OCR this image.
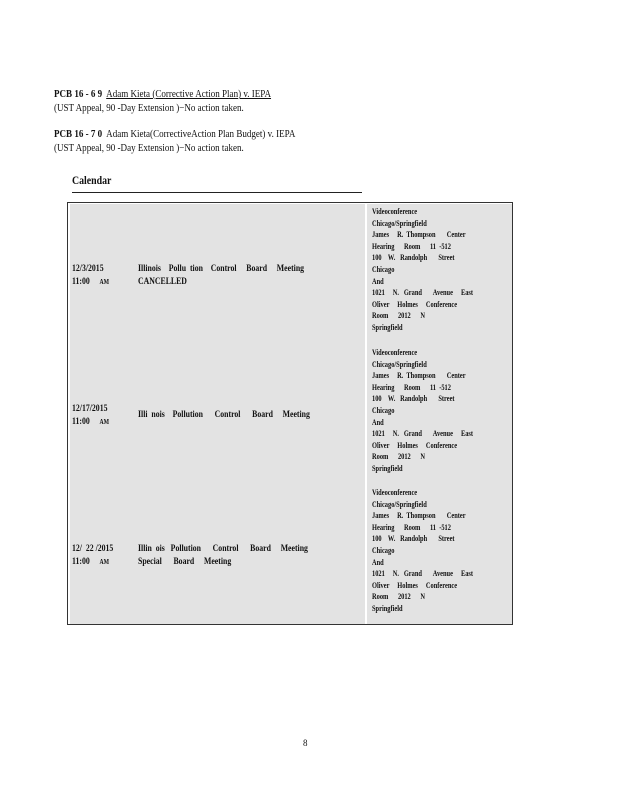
PCB 16 - 6 9 Adam Kieta (Corrective Action Plan) v. IEPA
(UST Appeal, 90 -Day Extension )−No action taken.
PCB 16 - 7 0 Adam Kieta(CorrectiveAction Plan Budget) v. IEPA
(UST Appeal, 90 -Day Extension )−No action taken.
Calendar
12/3/2015
11:00 AM
Illinois    Pollu  tion    Control     Board     Meeting
CANCELLED
Videoconference
Chicago/Springfield
James     R.  Thompson       Center
Hearing      Room      11  -512
100    W.   Randolph       Street
Chicago
And
1021     N.   Grand       Avenue     East
Oliver     Holmes     Conference
Room      2012      N
Springfield
12/17/2015
11:00 AM
Illi  nois    Pollution      Control      Board     Meeting
Videoconference
Chicago/Springfield
James     R.  Thompson       Center
Hearing      Room      11  -512
100    W.   Randolph       Street
Chicago
And
1021     N.   Grand       Avenue     East
Oliver     Holmes     Conference
Room      2012      N
Springfield
12/  22 /2015
11:00 AM
Illin  ois   Pollution      Control      Board     Meeting
Special      Board     Meeting
Videoconference
Chicago/Springfield
James     R.  Thompson       Center
Hearing      Room      11  -512
100    W.   Randolph       Street
Chicago
And
1021     N.   Grand       Avenue     East
Oliver     Holmes     Conference
Room      2012      N
Springfield
8
